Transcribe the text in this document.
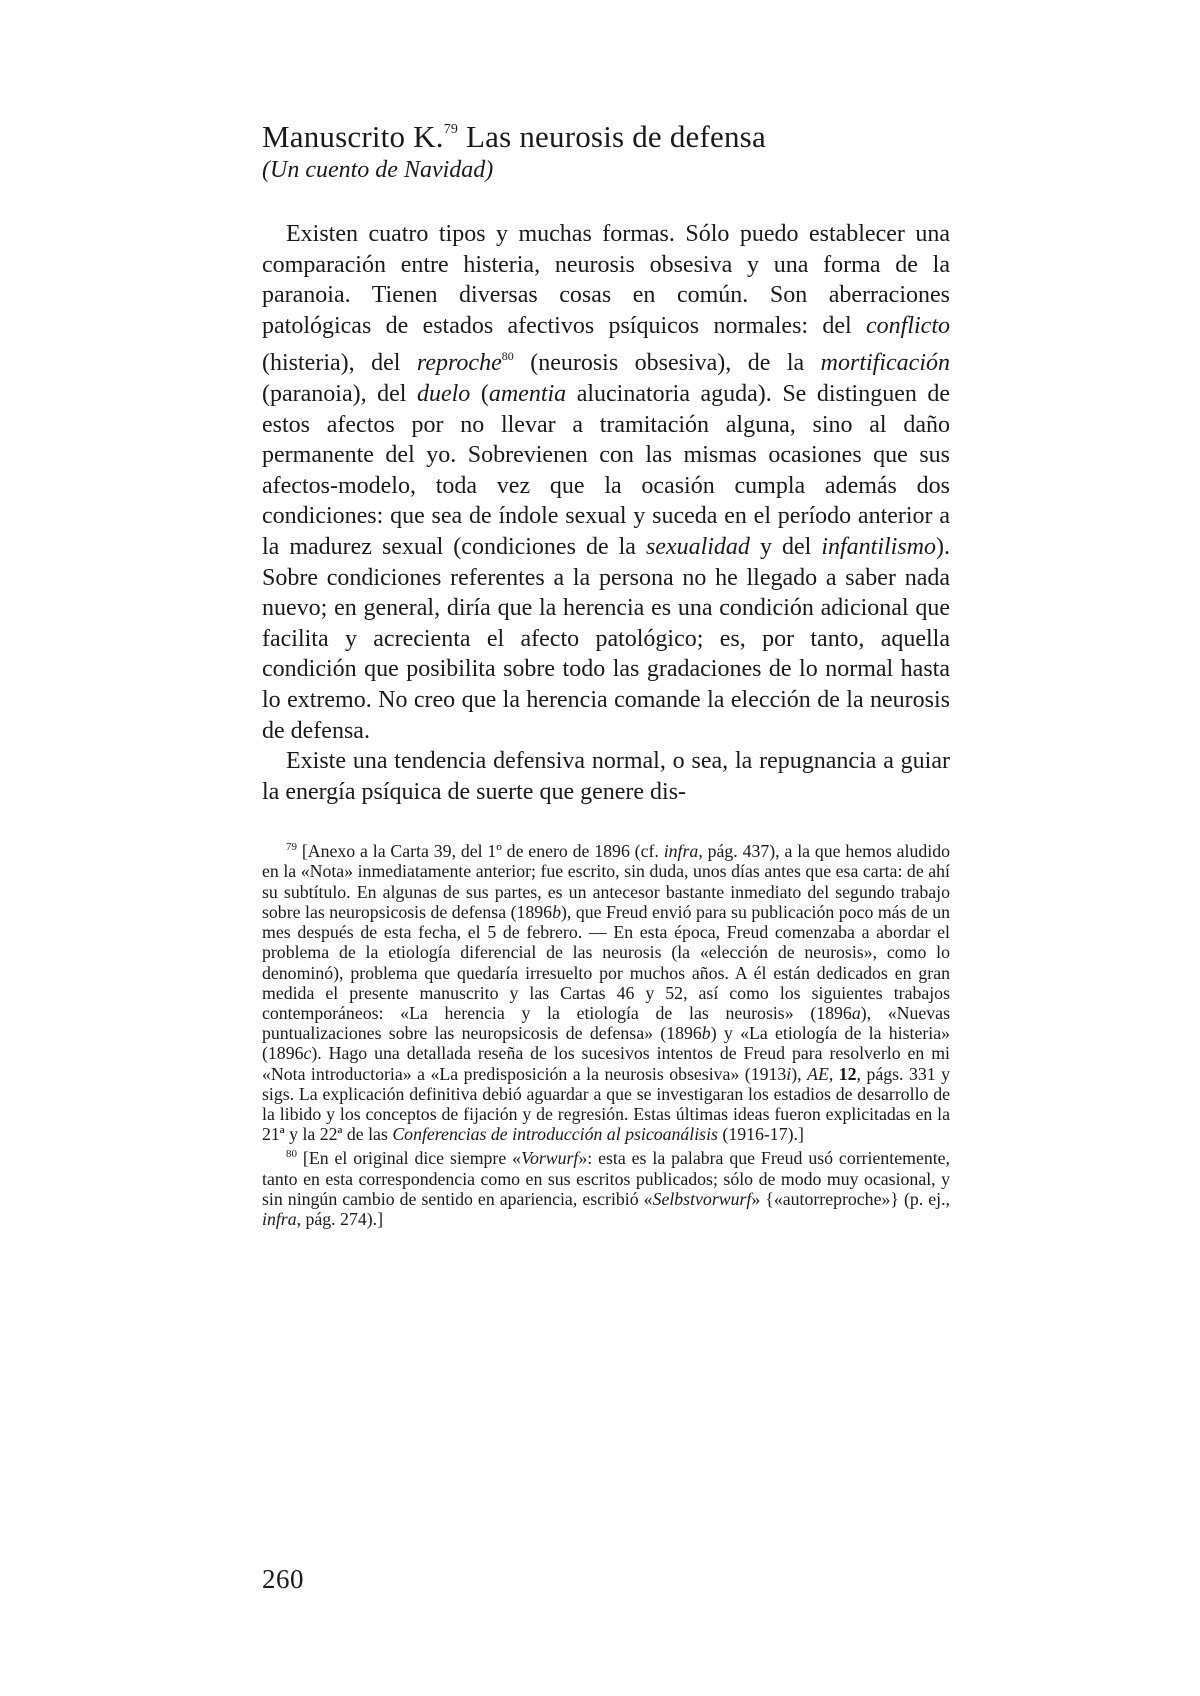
Manuscrito K.$^{79}$ Las neurosis de defensa
(Un cuento de Navidad)

Existen cuatro tipos y muchas formas. Sólo puedo establecer una comparación entre histeria, neurosis obsesiva y una forma de la paranoia. Tienen diversas cosas en común. Son aberraciones patológicas de estados afectivos psíquicos normales: del conflicto (histeria), del reproche$^{80}$ (neurosis obsesiva), de la mortificación (paranoia), del duelo (amentia alucinatoria aguda). Se distinguen de estos afectos por no llevar a tramitación alguna, sino al daño permanente del yo. Sobrevienen con las mismas ocasiones que sus afectos-modelo, toda vez que la ocasión cumpla además dos condiciones: que sea de índole sexual y suceda en el período anterior a la madurez sexual (condiciones de la sexualidad y del infantilismo). Sobre condiciones referentes a la persona no he llegado a saber nada nuevo; en general, diría que la herencia es una condición adicional que facilita y acrecienta el afecto patológico; es, por tanto, aquella condición que posibilita sobre todo las gradaciones de lo normal hasta lo extremo. No creo que la herencia comande la elección de la neurosis de defensa.

Existe una tendencia defensiva normal, o sea, la repugnancia a guiar la energía psíquica de suerte que genere dis-

$^{79}$ [Anexo a la Carta 39, del 1º de enero de 1896 (cf. infra, pág. 437), a la que hemos aludido en la «Nota» inmediatamente anterior; fue escrito, sin duda, unos días antes que esa carta: de ahí su subtítulo. En algunas de sus partes, es un antecesor bastante inmediato del segundo trabajo sobre las neuropsicosis de defensa (1896b), que Freud envió para su publicación poco más de un mes después de esta fecha, el 5 de febrero. — En esta época, Freud comenzaba a abordar el problema de la etiología diferencial de las neurosis (la «elección de neurosis», como lo denominó), problema que quedaría irresuelto por muchos años. A él están dedicados en gran medida el presente manuscrito y las Cartas 46 y 52, así como los siguientes trabajos contemporáneos: «La herencia y la etiología de las neurosis» (1896a), «Nuevas puntualizaciones sobre las neuropsicosis de defensa» (1896b) y «La etiología de la histeria» (1896c). Hago una detallada reseña de los sucesivos intentos de Freud para resolverlo en mi «Nota introductoria» a «La predisposición a la neurosis obsesiva» (1913i), AE, 12, págs. 331 y sigs. La explicación definitiva debió aguardar a que se investigaran los estadios de desarrollo de la libido y los conceptos de fijación y de regresión. Estas últimas ideas fueron explicitadas en la 21ª y la 22ª de las Conferencias de introducción al psicoanálisis (1916-17).]

$^{80}$ [En el original dice siempre «Vorwurf»: esta es la palabra que Freud usó corrientemente, tanto en esta correspondencia como en sus escritos publicados; sólo de modo muy ocasional, y sin ningún cambio de sentido en apariencia, escribió «Selbstvorwurf» {«autorreproche»} (p. ej., infra, pág. 274).]

260
